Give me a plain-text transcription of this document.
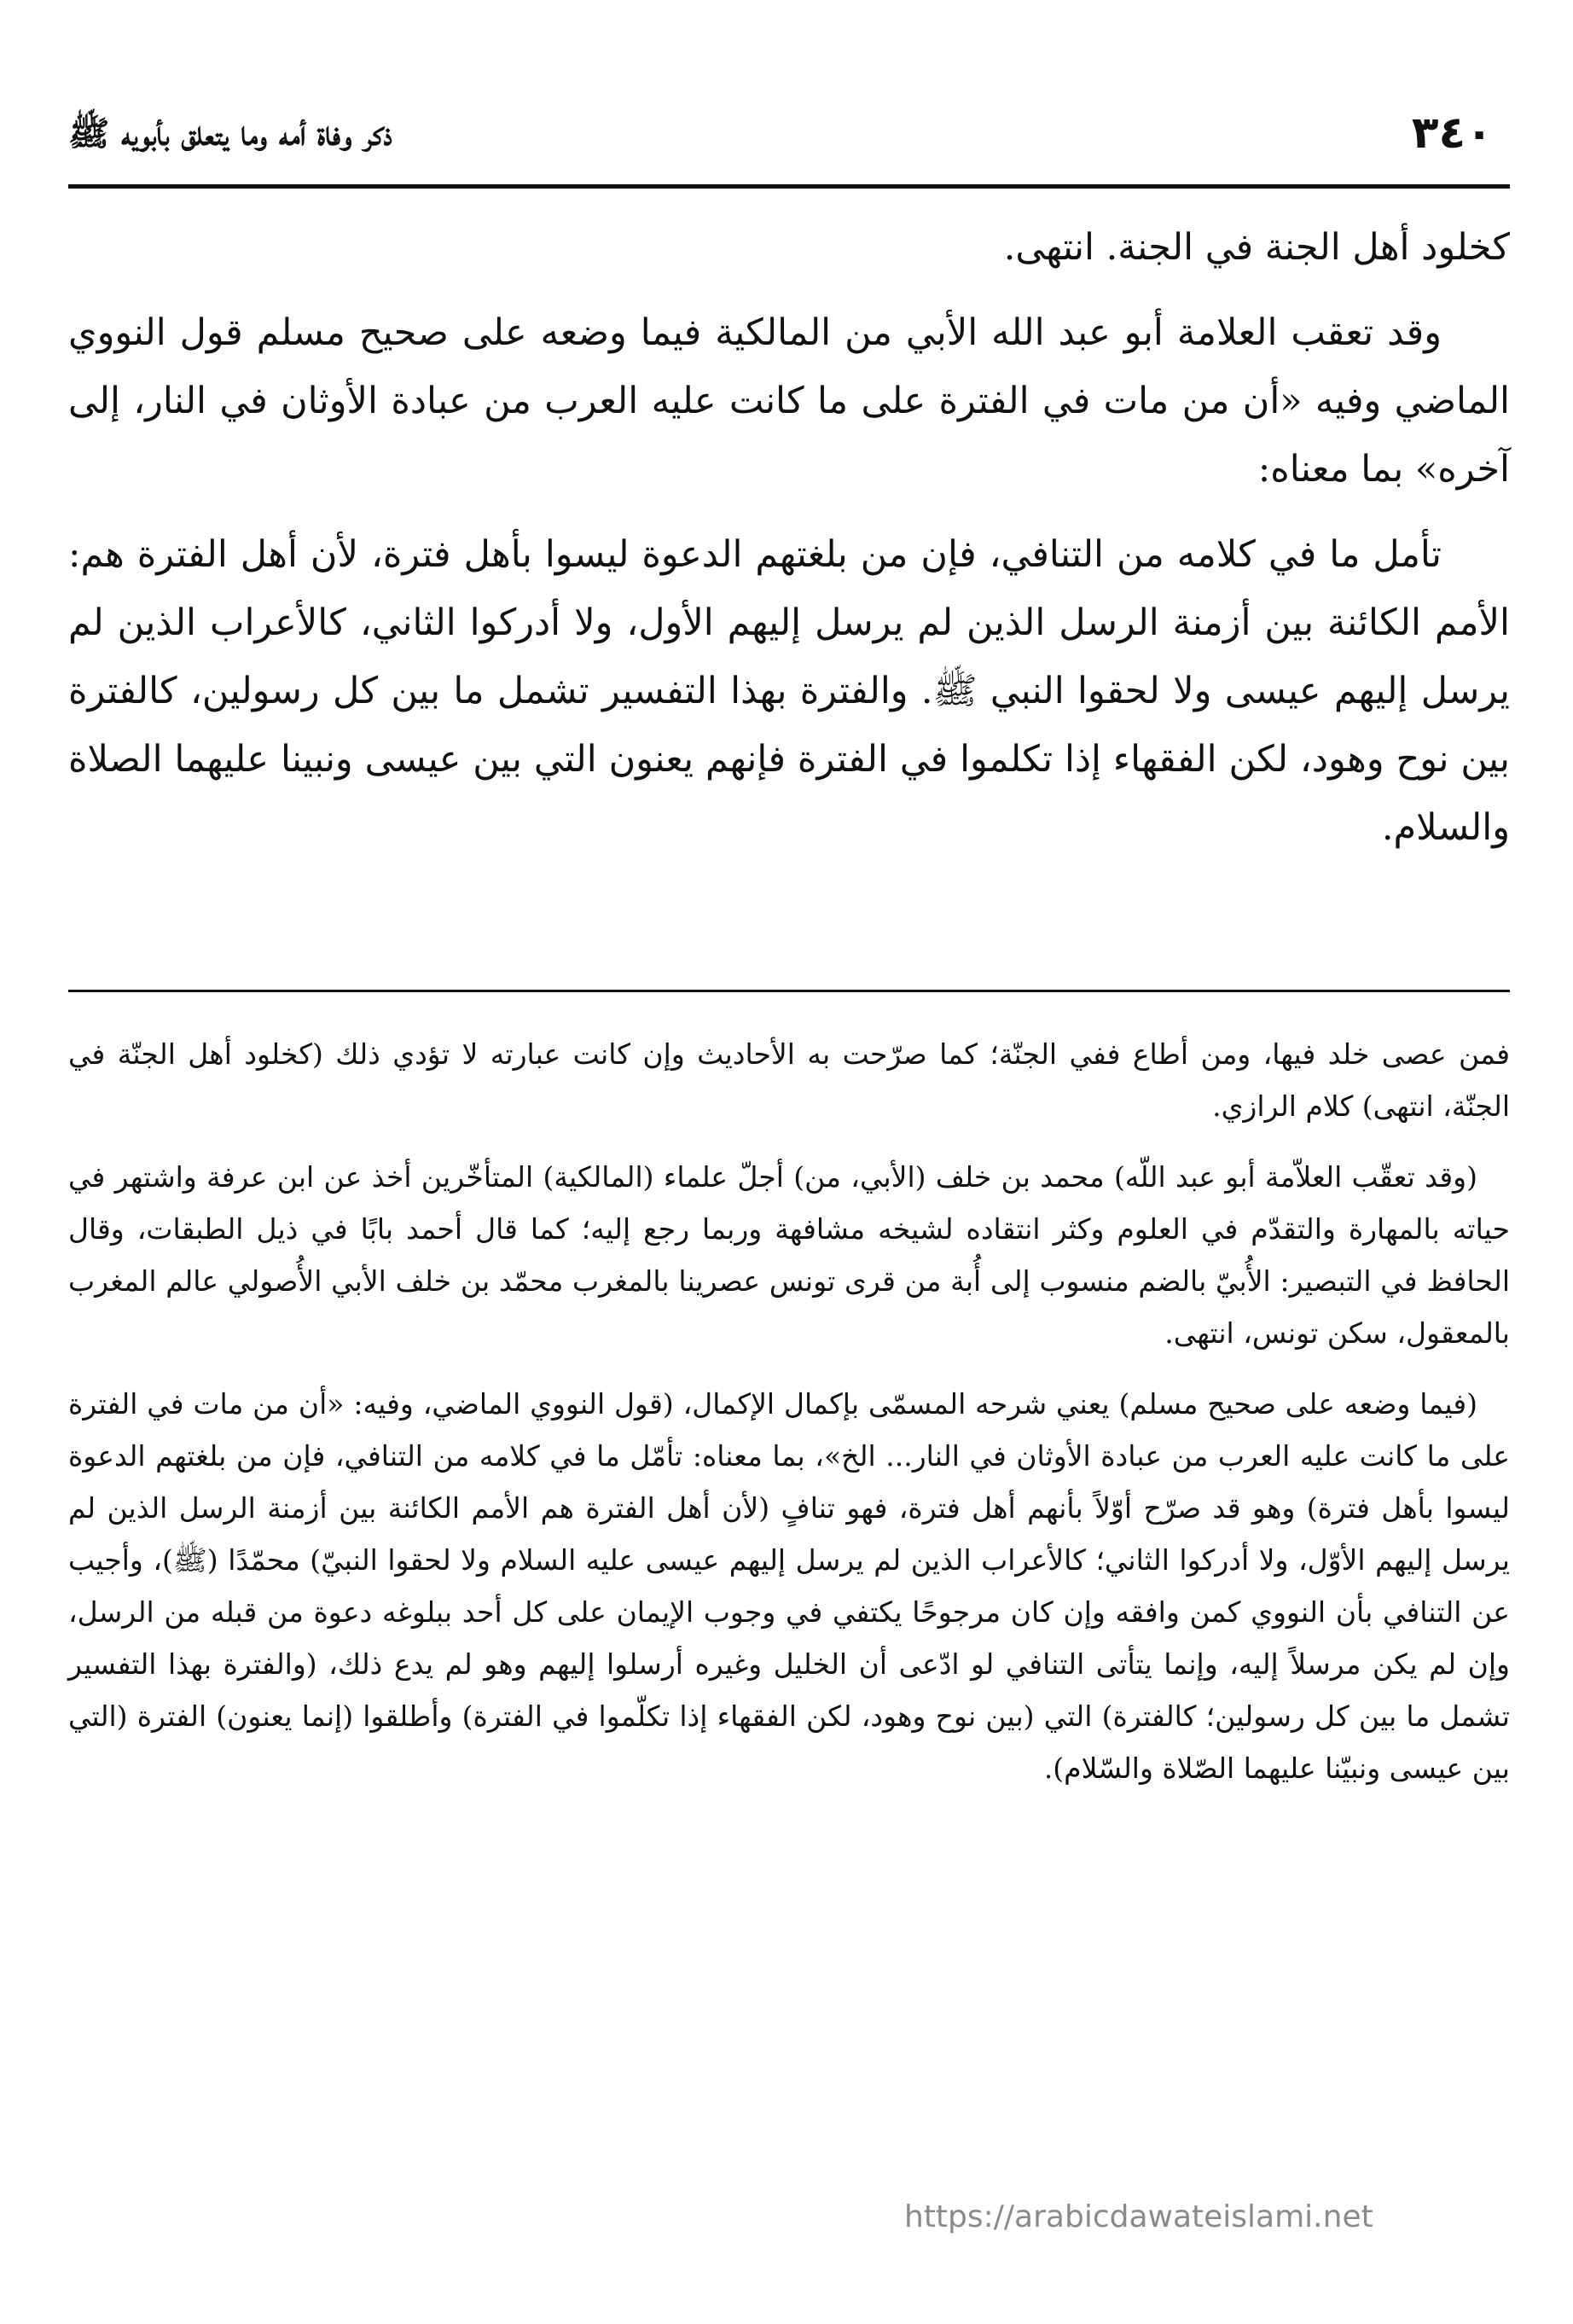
٣٤٠
ذكر وفاة أمه وما يتعلق بأبويه ﷺ

كخلود أهل الجنة في الجنة. انتهى.

وقد تعقب العلامة أبو عبد الله الأبي من المالكية فيما وضعه على صحيح مسلم قول النووي الماضي وفيه «أن من مات في الفترة على ما كانت عليه العرب من عبادة الأوثان في النار، إلى آخره» بما معناه:

تأمل ما في كلامه من التنافي، فإن من بلغتهم الدعوة ليسوا بأهل فترة، لأن أهل الفترة هم: الأمم الكائنة بين أزمنة الرسل الذين لم يرسل إليهم الأول، ولا أدركوا الثاني، كالأعراب الذين لم يرسل إليهم عيسى ولا لحقوا النبي ﷺ. والفترة بهذا التفسير تشمل ما بين كل رسولين، كالفترة بين نوح وهود، لكن الفقهاء إذا تكلموا في الفترة فإنهم يعنون التي بين عيسى ونبينا عليهما الصلاة والسلام.

فمن عصى خلد فيها، ومن أطاع ففي الجنّة؛ كما صرّحت به الأحاديث وإن كانت عبارته لا تؤدي ذلك (كخلود أهل الجنّة في الجنّة، انتهى) كلام الرازي.

(وقد تعقّب العلاّمة أبو عبد اللّه) محمد بن خلف (الأبي، من) أجلّ علماء (المالكية) المتأخّرين أخذ عن ابن عرفة واشتهر في حياته بالمهارة والتقدّم في العلوم وكثر انتقاده لشيخه مشافهة وربما رجع إليه؛ كما قال أحمد بابًا في ذيل الطبقات، وقال الحافظ في التبصير: الأُبيّ بالضم منسوب إلى أُبة من قرى تونس عصرينا بالمغرب محمّد بن خلف الأبي الأُصولي عالم المغرب بالمعقول، سكن تونس، انتهى.

(فيما وضعه على صحيح مسلم) يعني شرحه المسمّى بإكمال الإكمال، (قول النووي الماضي، وفيه: «أن من مات في الفترة على ما كانت عليه العرب من عبادة الأوثان في النار... الخ»، بما معناه: تأمّل ما في كلامه من التنافي، فإن من بلغتهم الدعوة ليسوا بأهل فترة) وهو قد صرّح أوّلاً بأنهم أهل فترة، فهو تنافٍ (لأن أهل الفترة هم الأمم الكائنة بين أزمنة الرسل الذين لم يرسل إليهم الأوّل، ولا أدركوا الثاني؛ كالأعراب الذين لم يرسل إليهم عيسى عليه السلام ولا لحقوا النبيّ) محمّدًا (ﷺ)، وأجيب عن التنافي بأن النووي كمن وافقه وإن كان مرجوحًا يكتفي في وجوب الإيمان على كل أحد ببلوغه دعوة من قبله من الرسل، وإن لم يكن مرسلاً إليه، وإنما يتأتى التنافي لو ادّعى أن الخليل وغيره أرسلوا إليهم وهو لم يدع ذلك، (والفترة بهذا التفسير تشمل ما بين كل رسولين؛ كالفترة) التي (بين نوح وهود، لكن الفقهاء إذا تكلّموا في الفترة) وأطلقوا (إنما يعنون) الفترة (التي بين عيسى ونبيّنا عليهما الصّلاة والسّلام).

https://arabicdawateislami.net
